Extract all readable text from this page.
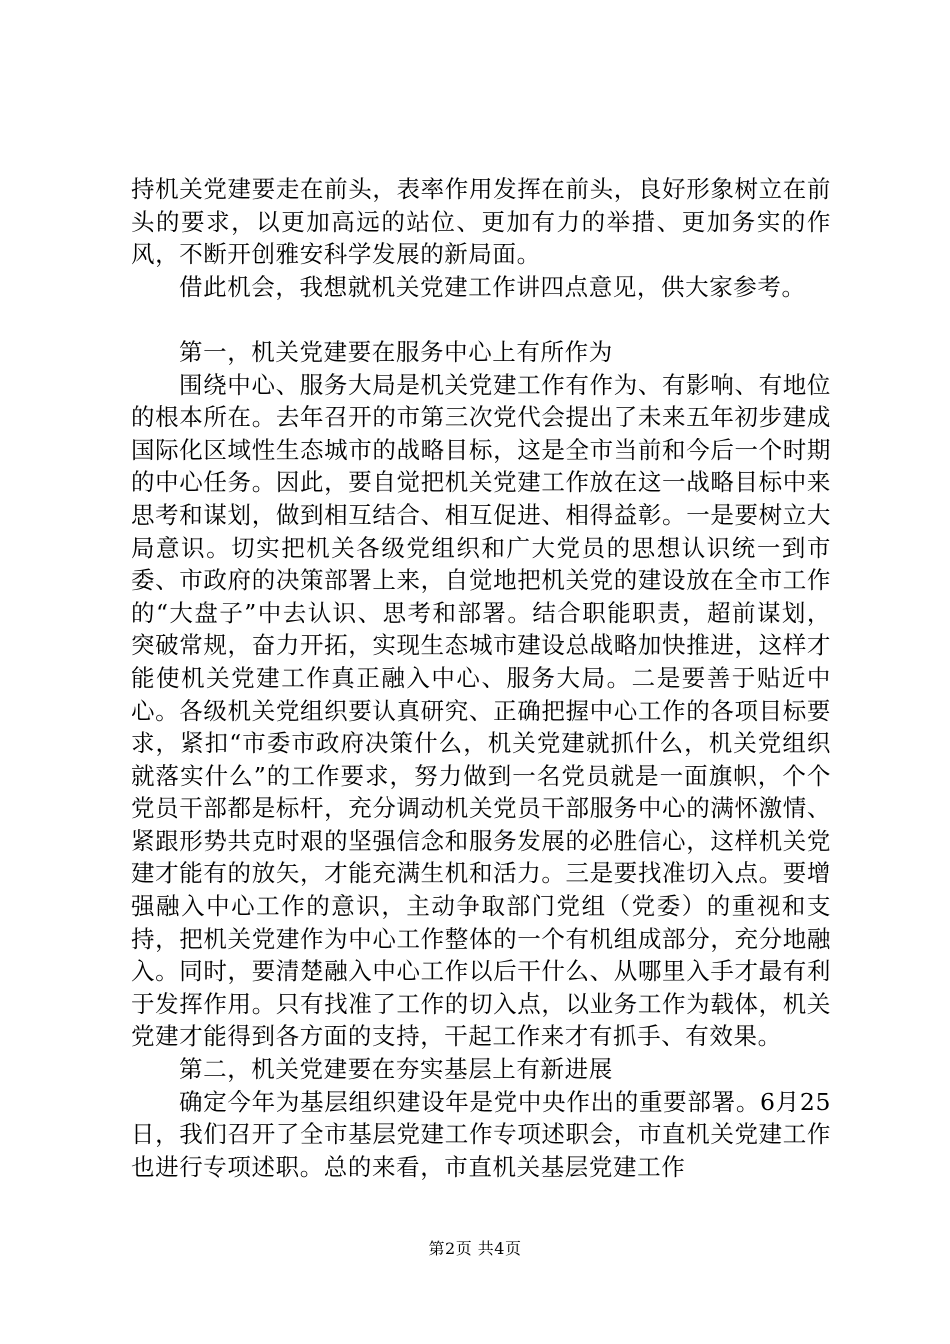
持机关党建要走在前头，表率作用发挥在前头，良好形象树立在前头的要求，以更加高远的站位、更加有力的举措、更加务实的作风，不断开创雅安科学发展的新局面。

借此机会，我想就机关党建工作讲四点意见，供大家参考。

第一，机关党建要在服务中心上有所作为

围绕中心、服务大局是机关党建工作有作为、有影响、有地位的根本所在。去年召开的市第三次党代会提出了未来五年初步建成国际化区域性生态城市的战略目标，这是全市当前和今后一个时期的中心任务。因此，要自觉把机关党建工作放在这一战略目标中来思考和谋划，做到相互结合、相互促进、相得益彰。一是要树立大局意识。切实把机关各级党组织和广大党员的思想认识统一到市委、市政府的决策部署上来，自觉地把机关党的建设放在全市工作的“大盘子”中去认识、思考和部署。结合职能职责，超前谋划，突破常规，奋力开拓，实现生态城市建设总战略加快推进，这样才能使机关党建工作真正融入中心、服务大局。二是要善于贴近中心。各级机关党组织要认真研究、正确把握中心工作的各项目标要求，紧扣“市委市政府决策什么，机关党建就抓什么，机关党组织就落实什么”的工作要求，努力做到一名党员就是一面旗帜，个个党员干部都是标杆，充分调动机关党员干部服务中心的满怀激情、紧跟形势共克时艰的坚强信念和服务发展的必胜信心，这样机关党建才能有的放矢，才能充满生机和活力。三是要找准切入点。要增强融入中心工作的意识，主动争取部门党组（党委）的重视和支持，把机关党建作为中心工作整体的一个有机组成部分，充分地融入。同时，要清楚融入中心工作以后干什么、从哪里入手才最有利于发挥作用。只有找准了工作的切入点，以业务工作为载体，机关党建才能得到各方面的支持，干起工作来才有抓手、有效果。

第二，机关党建要在夯实基层上有新进展

确定今年为基层组织建设年是党中央作出的重要部署。6月25日，我们召开了全市基层党建工作专项述职会，市直机关党建工作也进行专项述职。总的来看，市直机关基层党建工作

第2页 共4页
